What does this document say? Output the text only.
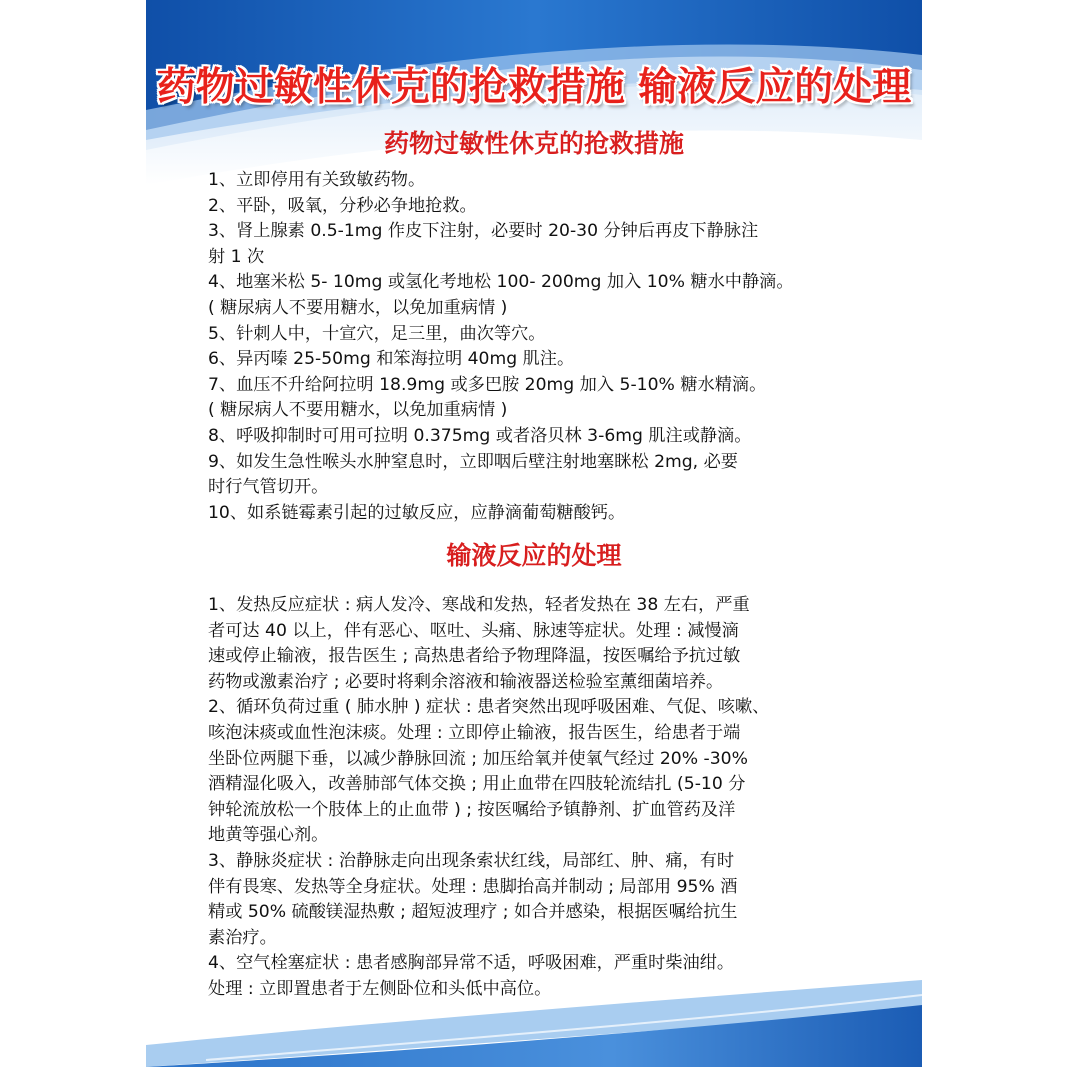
药物过敏性休克的抢救措施 输液反应的处理
药物过敏性休克的抢救措施
1、立即停用有关致敏药物。
2、平卧，吸氧，分秒必争地抢救。
3、肾上腺素 0.5-1mg 作皮下注射，必要时 20-30 分钟后再皮下静脉注
射 1 次
4、地塞米松 5- 10mg 或氢化考地松 100- 200mg 加入 10% 糖水中静滴。
( 糖尿病人不要用糖水，以免加重病情 )
5、针刺人中，十宣穴，足三里，曲次等穴。
6、异丙嗪 25-50mg 和笨海拉明 40mg 肌注。
7、血压不升给阿拉明 18.9mg 或多巴胺 20mg 加入 5-10% 糖水精滴。
( 糖尿病人不要用糖水，以免加重病情 )
8、呼吸抑制时可用可拉明 0.375mg 或者洛贝林 3-6mg 肌注或静滴。
9、如发生急性喉头水肿窒息时，立即咽后壁注射地塞眯松 2mg, 必要
时行气管切开。
10、如系链霉素引起的过敏反应，应静滴葡萄糖酸钙。
输液反应的处理
1、发热反应症状 : 病人发冷、寒战和发热，轻者发热在 38 左右，严重
者可达 40 以上，伴有恶心、呕吐、头痛、脉速等症状。处理 : 减慢滴
速或停止输液，报告医生 ; 高热患者给予物理降温，按医嘱给予抗过敏
药物或激素治疗 ; 必要时将剩余溶液和输液器送检验室薰细菌培养。
2、循环负荷过重 ( 肺水肿 ) 症状 : 患者突然出现呼吸困难、气促、咳嗽、
咳泡沫痰或血性泡沫痰。处理 : 立即停止输液，报告医生，给患者于端
坐卧位两腿下垂，以减少静脉回流 ; 加压给氧并使氧气经过 20% -30%
酒精湿化吸入，改善肺部气体交换 ; 用止血带在四肢轮流结扎 (5-10 分
钟轮流放松一个肢体上的止血带 ) ; 按医嘱给予镇静剂、扩血管药及洋
地黄等强心剂。
3、静脉炎症状 : 治静脉走向出现条索状红线，局部红、肿、痛，有时
伴有畏寒、发热等全身症状。处理 : 患脚抬高并制动 ; 局部用 95% 酒
精或 50% 硫酸镁湿热敷 ; 超短波理疗 ; 如合并感染，根据医嘱给抗生
素治疗。
4、空气栓塞症状 : 患者感胸部异常不适，呼吸困难，严重时柴油绀。
处理 : 立即置患者于左侧卧位和头低中高位。
